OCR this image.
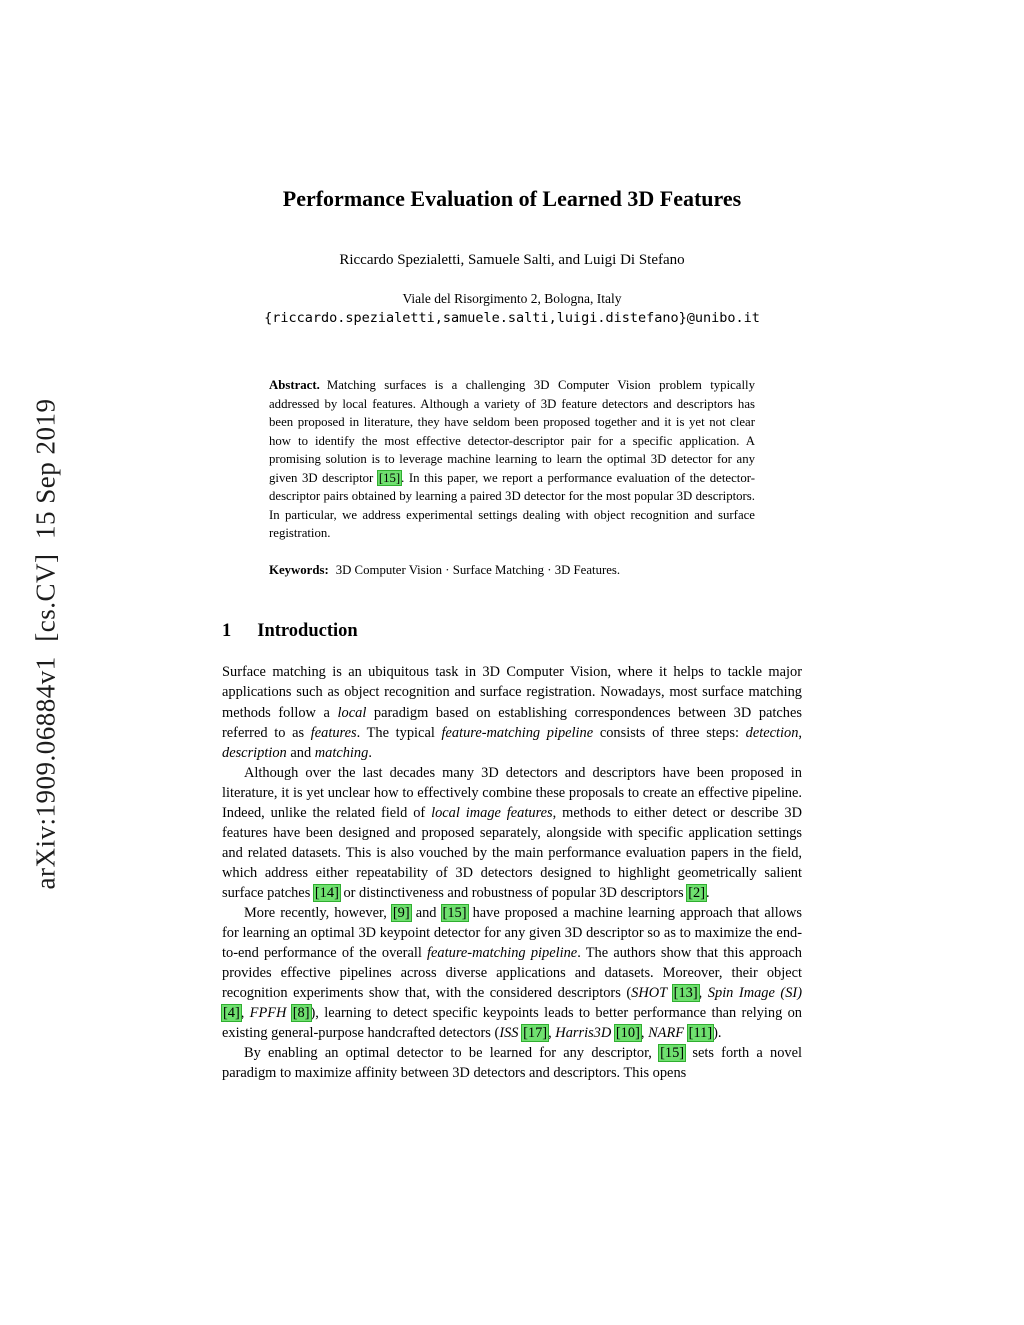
arXiv:1909.06884v1  [cs.CV]  15 Sep 2019
Performance Evaluation of Learned 3D Features
Riccardo Spezialetti, Samuele Salti, and Luigi Di Stefano
Viale del Risorgimento 2, Bologna, Italy
{riccardo.spezialetti,samuele.salti,luigi.distefano}@unibo.it

Abstract. Matching surfaces is a challenging 3D Computer Vision problem typically addressed by local features. Although a variety of 3D feature detectors and descriptors has been proposed in literature, they have seldom been proposed together and it is yet not clear how to identify the most effective detector-descriptor pair for a specific application. A promising solution is to leverage machine learning to learn the optimal 3D detector for any given 3D descriptor [15]. In this paper, we report a performance evaluation of the detector-descriptor pairs obtained by learning a paired 3D detector for the most popular 3D descriptors. In particular, we address experimental settings dealing with object recognition and surface registration.

Keywords: 3D Computer Vision · Surface Matching · 3D Features.

1 Introduction

Surface matching is an ubiquitous task in 3D Computer Vision, where it helps to tackle major applications such as object recognition and surface registration. Nowadays, most surface matching methods follow a local paradigm based on establishing correspondences between 3D patches referred to as features. The typical feature-matching pipeline consists of three steps: detection, description and matching.

Although over the last decades many 3D detectors and descriptors have been proposed in literature, it is yet unclear how to effectively combine these proposals to create an effective pipeline. Indeed, unlike the related field of local image features, methods to either detect or describe 3D features have been designed and proposed separately, alongside with specific application settings and related datasets. This is also vouched by the main performance evaluation papers in the field, which address either repeatability of 3D detectors designed to highlight geometrically salient surface patches [14] or distinctiveness and robustness of popular 3D descriptors [2].

More recently, however, [9] and [15] have proposed a machine learning approach that allows for learning an optimal 3D keypoint detector for any given 3D descriptor so as to maximize the end-to-end performance of the overall feature-matching pipeline. The authors show that this approach provides effective pipelines across diverse applications and datasets. Moreover, their object recognition experiments show that, with the considered descriptors (SHOT [13], Spin Image (SI) [4], FPFH [8]), learning to detect specific keypoints leads to better performance than relying on existing general-purpose handcrafted detectors (ISS [17], Harris3D [10], NARF [11]).

By enabling an optimal detector to be learned for any descriptor, [15] sets forth a novel paradigm to maximize affinity between 3D detectors and descriptors. This opens
